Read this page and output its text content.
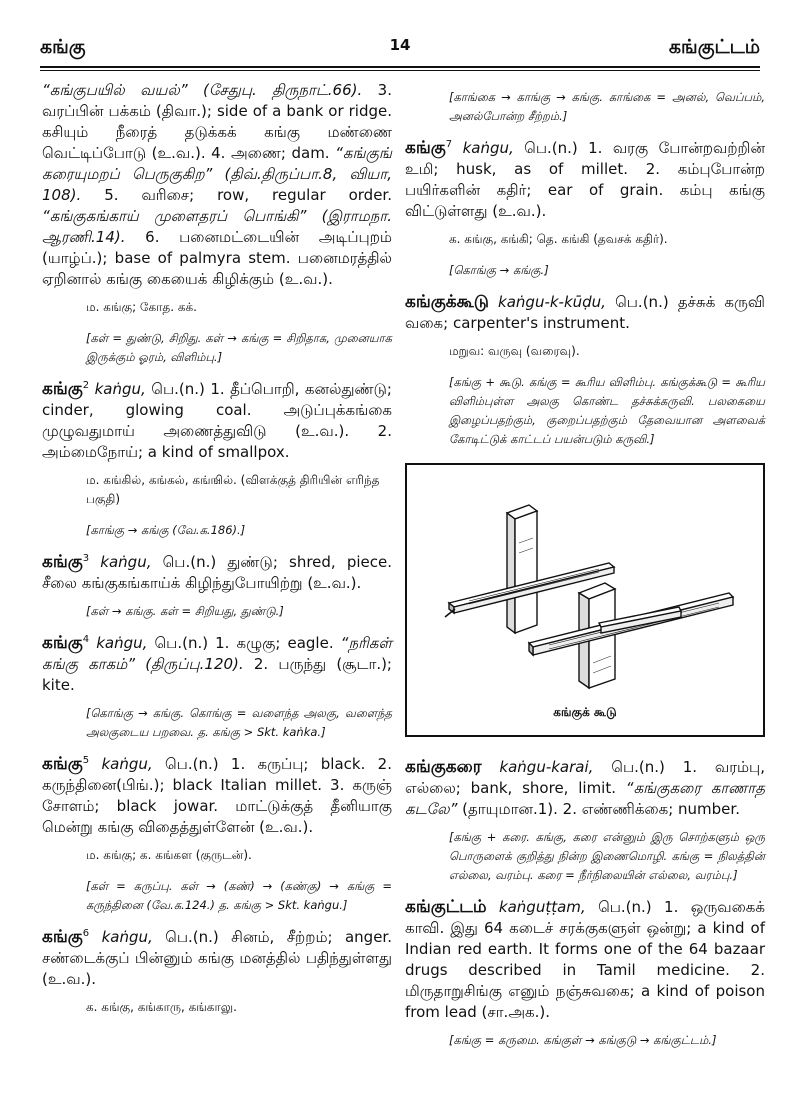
கங்கு	14	கங்குட்டம்
“கங்குபயில் வயல்” (சேதுபு. திருநாட்.66). 3. வரப்பின் பக்கம் (திவா.); side of a bank or ridge. கசியும் நீரைத் தடுக்கக் கங்கு மண்ணை வெட்டிப்போடு (உ.வ.). 4. அணை; dam. “கங்குங் கரையுமறப் பெருகுகிற” (திவ்.திருப்பா.8, வியா, 108). 5. வரிசை; row, regular order. “கங்குகங்காய் முளைதரப் பொங்கி” (இராமநா. ஆரணி.14). 6. பனைமட்டையின் அடிப்புறம் (யாழ்ப்.); base of palmyra stem. பனைமரத்தில் ஏறினால் கங்கு கையைக் கிழிக்கும் (உ.வ.).
ம. கங்கு; கோத. கக்.
[கள் = துண்டு, சிறிது. கள் → கங்கு = சிறிதாக, முனையாக இருக்கும் ஓரம், விளிம்பு.]
கங்கு$^2$ kaṅgu, பெ.(n.) 1. தீப்பொறி, கனல்துண்டு; cinder, glowing coal. அடுப்புக்கங்கை முழுவதுமாய் அணைத்துவிடு (உ.வ.). 2. அம்மைநோய்; a kind of smallpox.
ம. கங்கில், கங்கல், கங்ஙில். (விளக்குத் திரியின் எரிந்த பகுதி)
[காங்கு → கங்கு (வே.க.186).]
கங்கு$^3$ kaṅgu, பெ.(n.) துண்டு; shred, piece. சீலை கங்குகங்காய்க் கிழிந்துபோயிற்று (உ.வ.).
[கள் → கங்கு. கள் = சிறியது, துண்டு.]
கங்கு$^4$ kaṅgu, பெ.(n.) 1. கழுகு; eagle. “நரிகள் கங்கு காகம்” (திருப்பு.120). 2. பருந்து (சூடா.); kite.
[கொங்கு → கங்கு. கொங்கு = வளைந்த அலகு, வளைந்த அலகுடைய பறவை. த. கங்கு > Skt. kaṅka.]
கங்கு$^5$ kaṅgu, பெ.(n.) 1. கருப்பு; black. 2. கருந்தினை(பிங்.); black Italian millet. 3. கருஞ் சோளம்; black jowar. மாட்டுக்குத் தீனியாகு மென்று கங்கு விதைத்துள்ளேன் (உ.வ.).
ம. கங்கு; க. கங்கள (குருடன்).
[கள் = கருப்பு. கள் → (கண்) → (கண்கு) → கங்கு = கருந்தினை (வே.க.124.) த. கங்கு > Skt. kaṅgu.]
கங்கு$^6$ kaṅgu, பெ.(n.) சினம், சீற்றம்; anger. சண்டைக்குப் பின்னும் கங்கு மனத்தில் பதிந்துள்ளது (உ.வ.).
க. கங்கு, கங்காரு, கங்காலு.
[காங்கை → காங்கு → கங்கு. காங்கை = அனல், வெப்பம், அனல்போன்ற சீற்றம்.]
கங்கு$^7$ kaṅgu, பெ.(n.) 1. வரகு போன்றவற்றின் உமி; husk, as of millet. 2. கம்புபோன்ற பயிர்களின் கதிர்; ear of grain. கம்பு கங்கு விட்டுள்ளது (உ.வ.).
க. கங்கு, கங்கி; தெ. கங்கி (தவசக் கதிர்).
[கொங்கு → கங்கு.]
கங்குக்கூடு kaṅgu-k-kūḍu, பெ.(n.) தச்சுக் கருவி வகை; carpenter's instrument.
மறுவ: வருவு (வரைவு).
[கங்கு + கூடு. கங்கு = கூரிய விளிம்பு. கங்குக்கூடு = கூரிய விளிம்புள்ள அலகு கொண்ட தச்சுக்கருவி. பலகையை இழைப்பதற்கும், குறைப்பதற்கும் தேவையான அளவைக் கோடிட்டுக் காட்டப் பயன்படும் கருவி.]
கங்குக் கூடு
கங்குகரை kaṅgu-karai, பெ.(n.) 1. வரம்பு, எல்லை; bank, shore, limit. “கங்குகரை காணாத கடலே” (தாயுமான.1). 2. எண்ணிக்கை; number.
[கங்கு + கரை. கங்கு, கரை என்னும் இரு சொற்களும் ஒரு பொருளைக் குறித்து நின்ற இணைமொழி. கங்கு = நிலத்தின் எல்லை, வரம்பு. கரை = நீர்நிலையின் எல்லை, வரம்பு.]
கங்குட்டம் kaṅguṭṭam, பெ.(n.) 1. ஒருவகைக் காவி. இது 64 கடைச் சரக்குகளுள் ஒன்று; a kind of Indian red earth. It forms one of the 64 bazaar drugs described in Tamil medicine. 2. மிருதாறுசிங்கு எனும் நஞ்சுவகை; a kind of poison from lead (சா.அக.).
[கங்கு = கருமை. கங்குள் → கங்குடு → கங்குட்டம்.]
